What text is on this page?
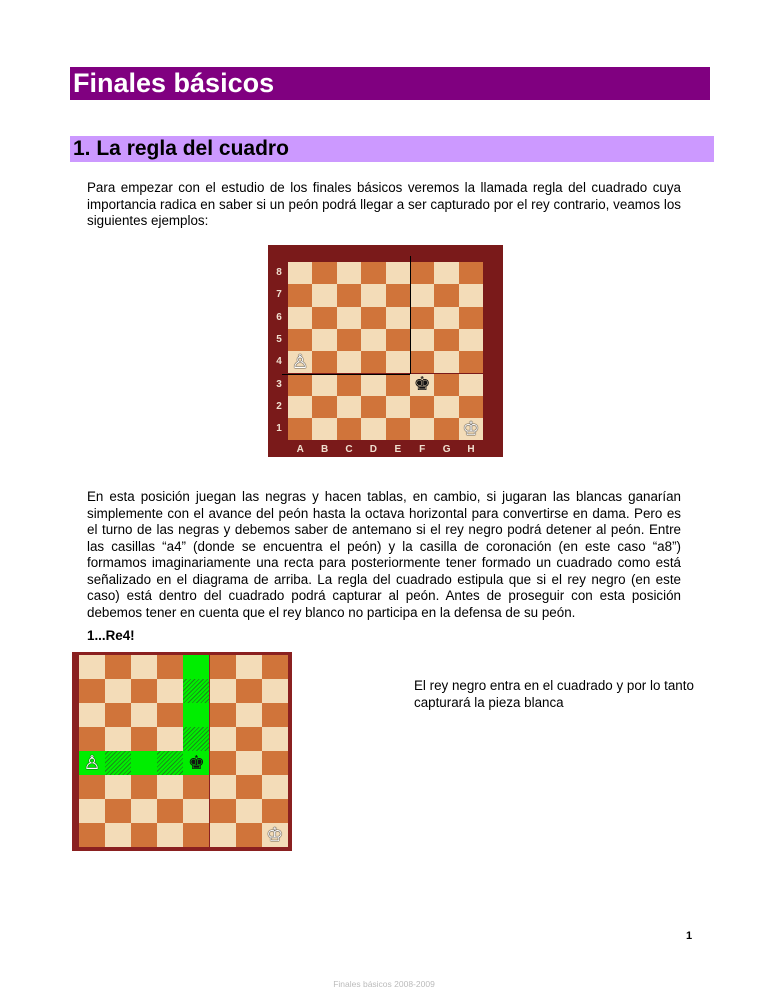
Finales básicos
1. La regla del cuadro
Para empezar con el estudio de los finales básicos veremos la llamada regla del cuadrado cuya importancia radica en saber si un peón podrá llegar a ser capturado por el rey contrario, veamos los siguientes ejemplos:
♙
♚
♔
8
7
6
5
4
3
2
1
A	B	C	D	E	F	G	H
En esta posición juegan las negras y hacen tablas, en cambio, si jugaran las blancas ganarían simplemente con el avance del peón hasta la octava horizontal para convertirse en dama. Pero es el turno de las negras y debemos saber de antemano si el rey negro podrá detener al peón. Entre las casillas “a4” (donde se encuentra el peón) y la casilla de coronación (en este caso “a8”) formamos imaginariamente una recta para posteriormente tener formado un cuadrado como está señalizado en el diagrama de arriba. La regla del cuadrado estipula que si el rey negro (en este caso) está dentro del cuadrado podrá capturar al peón. Antes de proseguir con esta posición debemos tener en cuenta que el rey blanco no participa en la defensa de su peón.
1...Re4!
♙	♚
♔
El rey negro entra en el cuadrado y por lo tanto capturará la pieza blanca
1
Finales básicos 2008-2009
